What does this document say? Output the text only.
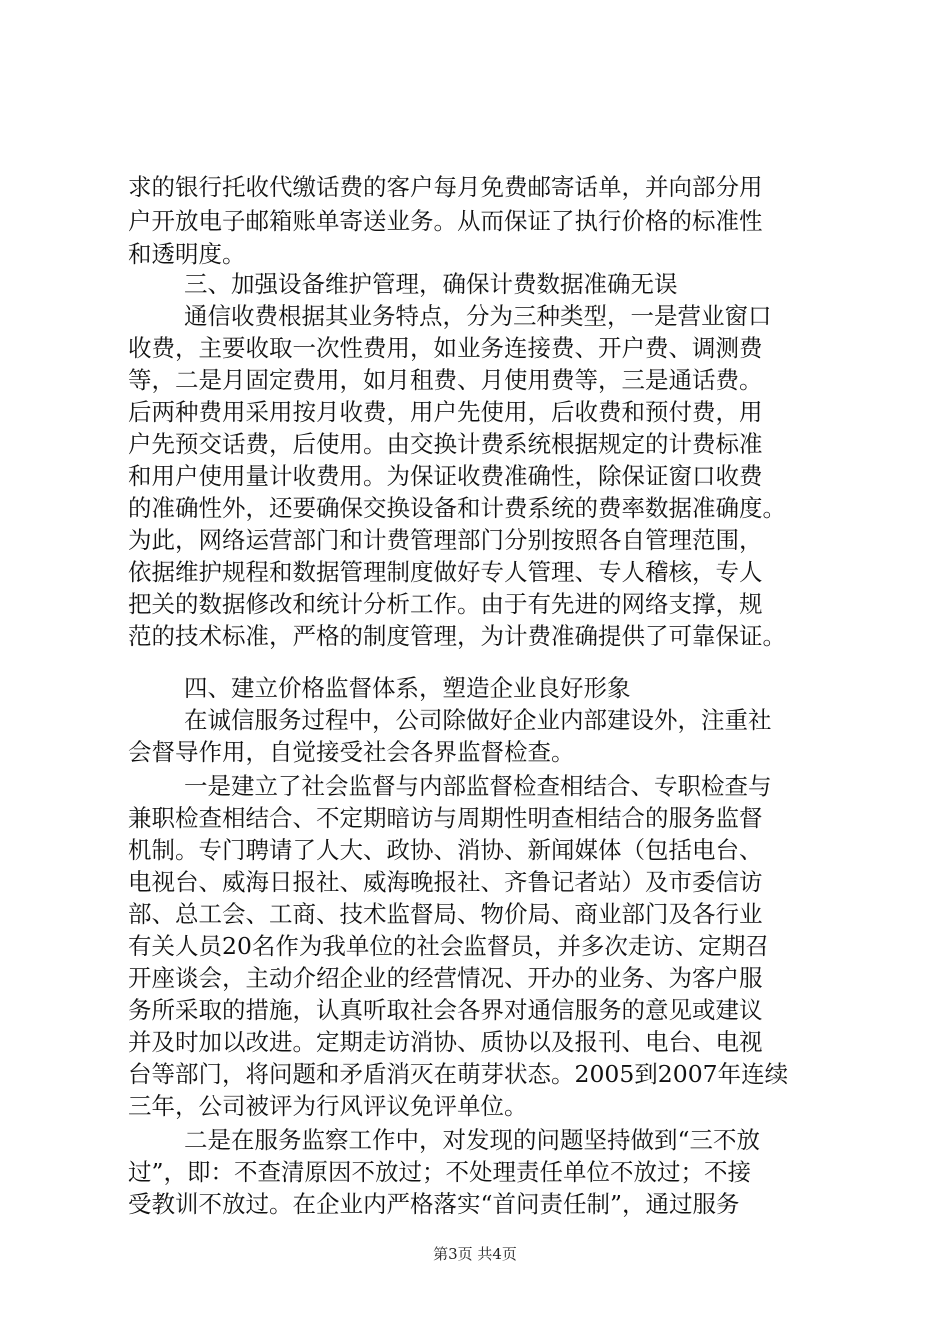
求的银行托收代缴话费的客户每月免费邮寄话单，并向部分用
户开放电子邮箱账单寄送业务。从而保证了执行价格的标准性
和透明度。
三、加强设备维护管理，确保计费数据准确无误
通信收费根据其业务特点，分为三种类型，一是营业窗口
收费，主要收取一次性费用，如业务连接费、开户费、调测费
等，二是月固定费用，如月租费、月使用费等，三是通话费。
后两种费用采用按月收费，用户先使用，后收费和预付费，用
户先预交话费，后使用。由交换计费系统根据规定的计费标准
和用户使用量计收费用。为保证收费准确性，除保证窗口收费
的准确性外，还要确保交换设备和计费系统的费率数据准确度。
为此，网络运营部门和计费管理部门分别按照各自管理范围，
依据维护规程和数据管理制度做好专人管理、专人稽核，专人
把关的数据修改和统计分析工作。由于有先进的网络支撑，规
范的技术标准，严格的制度管理，为计费准确提供了可靠保证。
四、建立价格监督体系，塑造企业良好形象
在诚信服务过程中，公司除做好企业内部建设外，注重社
会督导作用，自觉接受社会各界监督检查。
一是建立了社会监督与内部监督检查相结合、专职检查与
兼职检查相结合、不定期暗访与周期性明查相结合的服务监督
机制。专门聘请了人大、政协、消协、新闻媒体（包括电台、
电视台、威海日报社、威海晚报社、齐鲁记者站）及市委信访
部、总工会、工商、技术监督局、物价局、商业部门及各行业
有关人员20名作为我单位的社会监督员，并多次走访、定期召
开座谈会，主动介绍企业的经营情况、开办的业务、为客户服
务所采取的措施，认真听取社会各界对通信服务的意见或建议
并及时加以改进。定期走访消协、质协以及报刊、电台、电视
台等部门，将问题和矛盾消灭在萌芽状态。2005到2007年连续
三年，公司被评为行风评议免评单位。
二是在服务监察工作中，对发现的问题坚持做到“三不放
过”，即：不查清原因不放过；不处理责任单位不放过；不接
受教训不放过。在企业内严格落实“首问责任制”，通过服务
第3页 共4页
